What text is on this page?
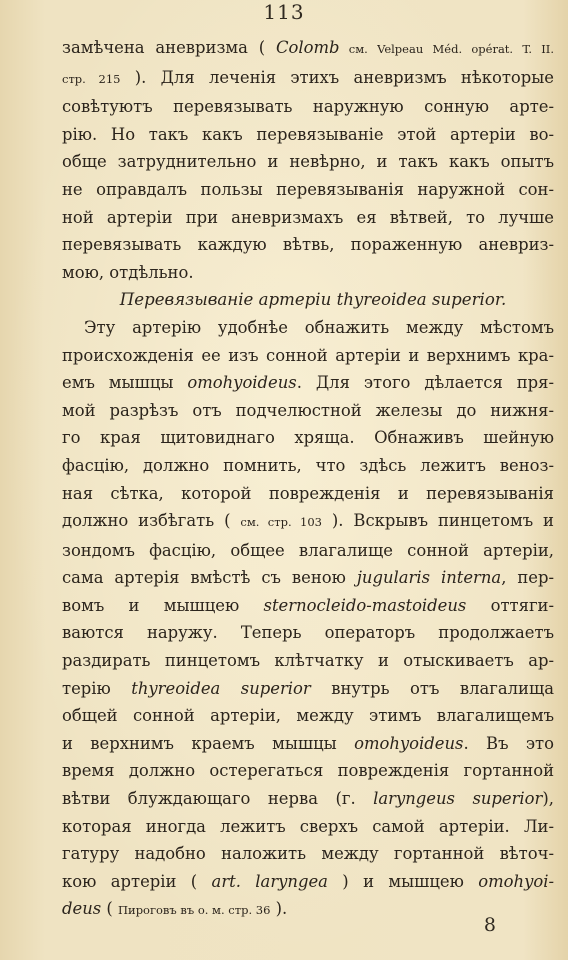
113
замѣчена аневризма ( Colomb см. Velpeau Méd. opérat. T. II.
стр. 215 ). Для леченія этихъ аневризмъ нѣкоторые
совѣтуютъ перевязывать наружную сонную арте-
рію. Но такъ какъ перевязываніе этой артеріи во-
обще затруднительно и невѣрно, и такъ какъ опытъ
не оправдалъ пользы перевязыванія наружной сон-
ной артеріи при аневризмахъ ея вѣтвей, то лучше
перевязывать каждую вѣтвь, пораженную аневриз-
мою, отдѣльно.
Перевязываніе артеріи thyreoidea superior.
Эту артерію удобнѣе обнажить между мѣстомъ
происхожденія ее изъ сонной артеріи и верхнимъ кра-
емъ мышцы omohyoideus. Для этого дѣлается пря-
мой разрѣзъ отъ подчелюстной железы до нижня-
го края щитовиднаго хряща. Обнаживъ шейную
фасцію, должно помнить, что здѣсь лежитъ венoз-
ная сѣтка, которой поврежденія и перевязыванія
должно избѣгать ( см. стр. 103 ). Вскрывъ пинцетомъ и
зондомъ фасцію, общее влагалище сонной артеріи,
сама артерія вмѣстѣ съ веною jugularis interna, пер-
вомъ и мышцею sternocleido-mastoideus оттяги-
ваются наружу. Теперь операторъ продолжаетъ
раздирать пинцетомъ клѣтчатку и отыскиваетъ ар-
терію thyreoidea superior внутрь отъ влагалища
общей сонной артеріи, между этимъ влагалищемъ
и верхнимъ краемъ мышцы omohyoideus. Въ это
время должно остерегаться поврежденія гортанной
вѣтви блуждающаго нерва (г. laryngeus superior),
которая иногда лежитъ сверхъ самой артеріи. Ли-
гатуру надобно наложить между гортанной вѣточ-
кою артеріи ( art. laryngea ) и мышцею omohyoi-
deus ( Пироговъ въ о. м. стр. 36 ).
8
